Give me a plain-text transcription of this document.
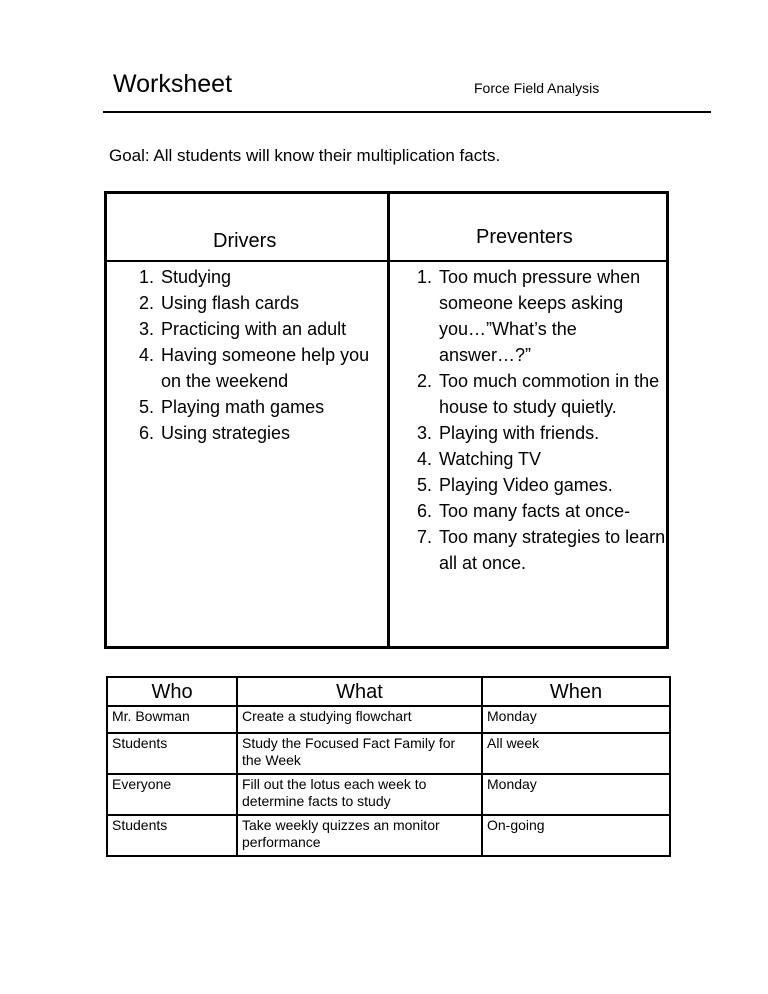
Worksheet	Force Field Analysis
Goal: All students will know their multiplication facts.
Drivers	Preventers
1. Studying
2. Using flash cards
3. Practicing with an adult
4. Having someone help you on the weekend
5. Playing math games
6. Using strategies
1. Too much pressure when someone keeps asking you…”What’s the answer…?”
2. Too much commotion in the house to study quietly.
3. Playing with friends.
4. Watching TV
5. Playing Video games.
6. Too many facts at once-
7. Too many strategies to learn all at once.
Who	What	When
Mr. Bowman	Create a studying flowchart	Monday
Students	Study the Focused Fact Family for the Week	All week
Everyone	Fill out the lotus each week to determine facts to study	Monday
Students	Take weekly quizzes an monitor performance	On-going
